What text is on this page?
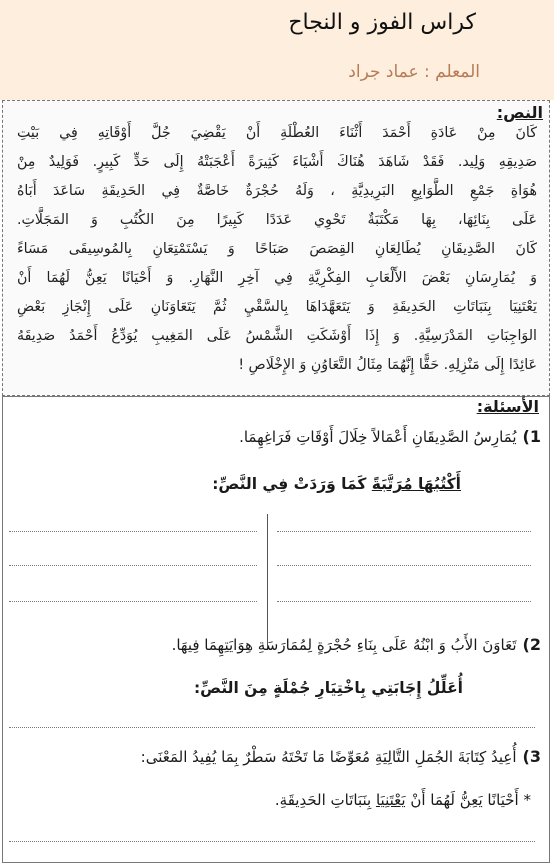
كراس الفوز و النجاح
المعلم : عماد جراد
النص:
كَانَ مِنْ عَادَةِ أَحْمَدَ أَثْنَاءَ العُطْلَةِ أَنْ يَقْضِيَ جُلَّ أَوْقَاتِهِ فِي بَيْتِ
صَدِيقِهِ وَلِيد. فَقَدْ شَاهَدَ هُنَاكَ أَشْيَاءَ كَثِيرَةً أَعْجَبَتْهُ إِلَى حَدٍّ كَبِيرٍ. فَوَلِيدٌ مِنْ
هُوَاةِ جَمْعِ الطَّوَابِعِ البَرِيدِيَّةِ ، وَلَهُ حُجْرَةٌ خَاصَّةٌ فِي الحَدِيقَةِ سَاعَدَ أَبَاهُ
عَلَى بِنَائِهَا، بِهَا مَكْتَبَةٌ تَحْوِي عَدَدًا كَبِيرًا مِنَ الكُتُبِ وَ المَجَلَّاتِ.
كَانَ الصَّدِيقَانِ يُطَالِعَانِ القِصَصَ صَبَاحًا وَ يَسْتَمْتِعَانِ بِالمُوسِيقَى مَسَاءً
وَ يُمَارِسَانِ بَعْضَ الأَلْعَابِ الفِكْرِيَّةِ فِي آخِرِ النَّهَارِ. وَ أَحْيَانًا يَعِنُّ لَهُمَا أَنْ
يَعْتَنِيَا بِنَبَاتَاتِ الحَدِيقَةِ وَ يَتَعَهَّدَاهَا بِالسَّقْيِ ثُمَّ يَتَعَاوَنَانِ عَلَى إِنْجَازِ بَعْضِ
الوَاجِبَاتِ المَدْرَسِيَّةِ. وَ إِذَا أَوْشَكَتِ الشَّمْسُ عَلَى المَغِيبِ يُوَدِّعُ أَحْمَدُ صَدِيقَهُ
عَائِدًا إِلَى مَنْزِلِهِ. حَقًّا إِنَّهُمَا مِثَالُ التَّعَاوُنِ وَ الإِخْلَاصِ !
الأسئلة:
1)يُمَارِسُ الصَّدِيقَانِ أَعْمَالاً خِلَالَ أَوْقَاتِ فَرَاغِهِمَا.
أَكْتُبُهَا مُرَتَّبَةً كَمَا وَرَدَتْ فِي النَّصِّ:
2)تَعَاوَنَ الأَبُ وَ ابْنُهُ عَلَى بِنَاءِ حُجْرَةٍ لِمُمَارَسَةِ هِوَايَتِهِمَا فِيهَا.
أُعَلِّلُ إِجَابَتِي بِاخْتِيَارِ جُمْلَةٍ مِنَ النَّصِّ:
3)أُعِيدُ كِتَابَةَ الجُمَلِ التَّالِيَةِ مُعَوِّضًا مَا تَحْتَهُ سَطْرٌ بِمَا يُفِيدُ المَعْنَى:
* أَحْيَانًا يَعِنُّ لَهُمَا أَنْ يَعْتَنِيَا بِنَبَاتَاتِ الحَدِيقَةِ.
